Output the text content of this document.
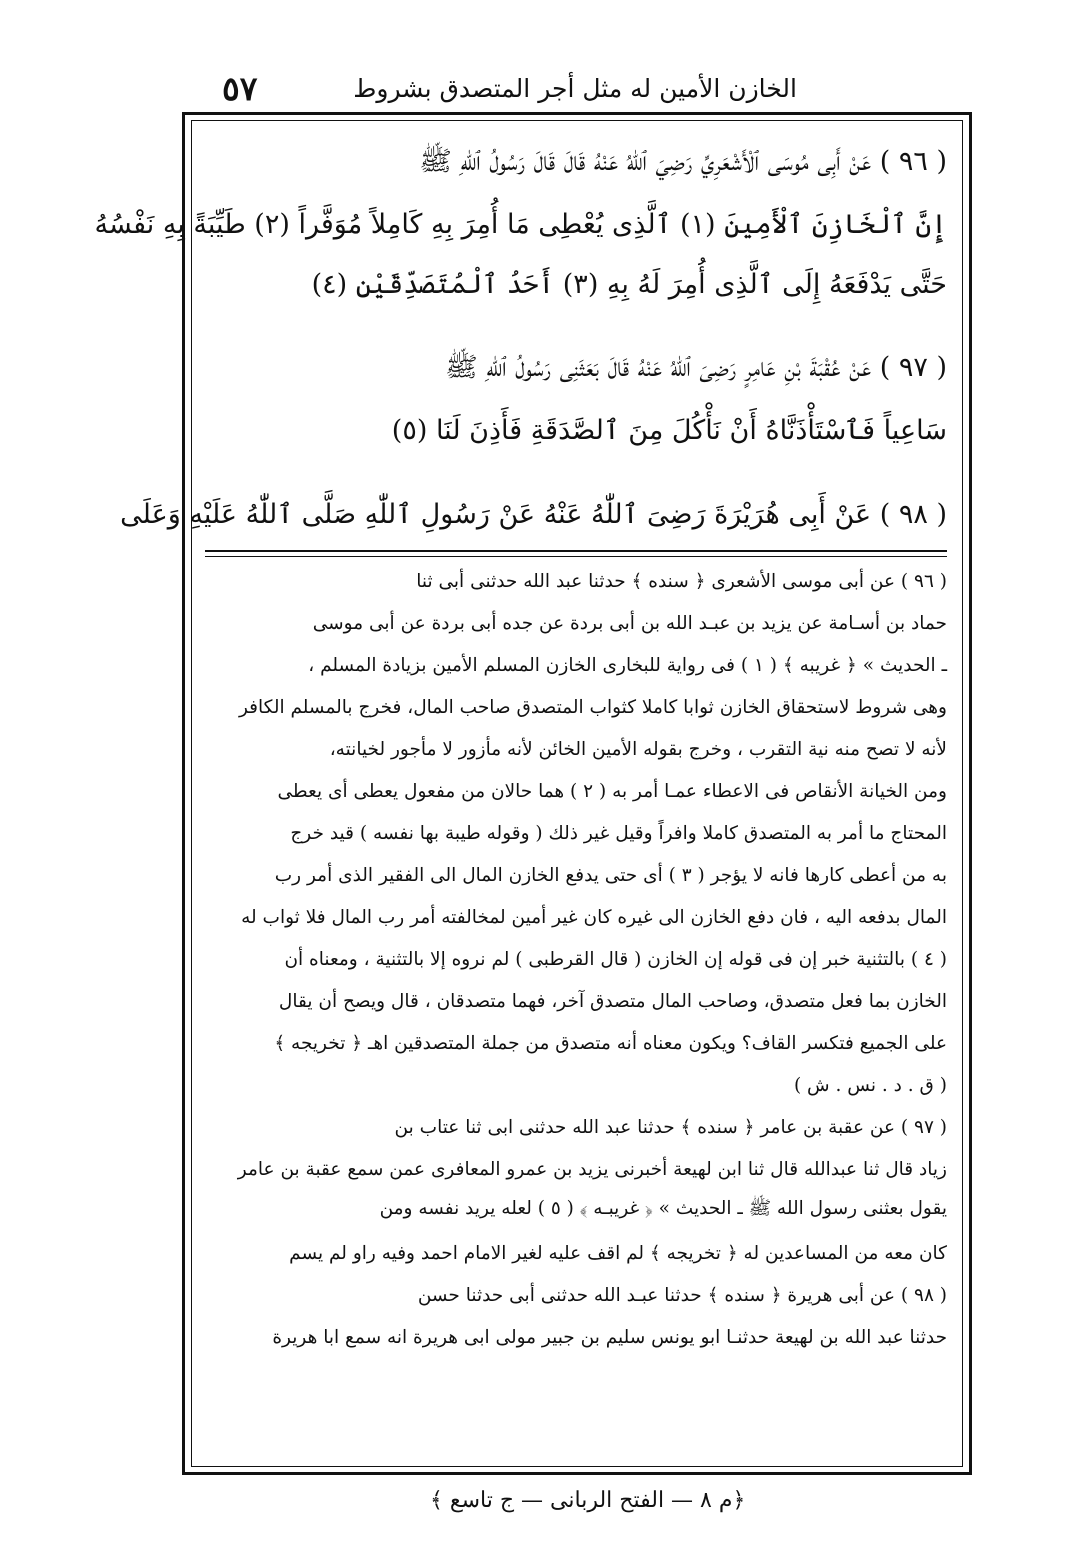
الخازن الأمين له مثل أجر المتصدق بشروط
٥٧
( ٩٦ ) عَنْ أَبِى مُوسَى ٱلْأَشْعَرِيِّ رَضِيَ ٱللّٰهُ عَنْهُ قَالَ قَالَ رَسُولُ ٱللّٰهِ ﷺ
إِنَّ ٱلْخَازِنَ ٱلْأَمِينَ (١) ٱلَّذِى يُعْطِى مَا أُمِرَ بِهِ كَامِلاً مُوَفَّراً (٢) طَيِّبَةً بِهِ نَفْسُهُ
حَتَّى يَدْفَعَهُ إِلَى ٱلَّذِى أُمِرَ لَهُ بِهِ (٣) أَحَدُ ٱلْمُتَصَدِّقَيْنِ (٤)
( ٩٧ ) عَنْ عُقْبَةَ بْنِ عَامِرٍ رَضِىَ ٱللّٰهُ عَنْهُ قَالَ بَعَثَنِى رَسُولُ ٱللّٰهِ ﷺ
سَاعِياً فَٱسْتَأْذَنَّاهُ أَنْ نَأْكُلَ مِنَ ٱلصَّدَقَةِ فَأَذِنَ لَنَا (٥)
( ٩٨ ) عَنْ أَبِى هُرَيْرَةَ رَضِىَ ٱللّٰهُ عَنْهُ عَنْ رَسُولِ ٱللّٰهِ صَلَّى ٱللّٰهُ عَلَيْهِ وَعَلَى
( ٩٦ ) عن أبى موسى الأشعرى ﴿ سنده ﴾ حدثنا عبد الله حدثنى أبى ثنا
حماد بن أسـامة عن يزيد بن عبـد الله بن أبى بردة عن جده أبى بردة عن أبى موسى
ـ الحديث » ﴿ غريبه ﴾ ( ١ ) فى رواية للبخارى الخازن المسلم الأمين بزيادة المسلم ،
وهى شروط لاستحقاق الخازن ثوابا كاملا كثواب المتصدق صاحب المال، فخرج بالمسلم الكافر
لأنه لا تصح منه نية التقرب ، وخرج بقوله الأمين الخائن لأنه مأزور لا مأجور لخيانته،
ومن الخيانة الأنقاص فى الاعطاء عمـا أمر به ( ٢ ) هما حالان من مفعول يعطى أى يعطى
المحتاج ما أمر به المتصدق كاملا وافراً وقيل غير ذلك ( وقوله طيبة بها نفسه ) قيد خرج
به من أعطى كارها فانه لا يؤجر ( ٣ ) أى حتى يدفع الخازن المال الى الفقير الذى أمر رب
المال بدفعه اليه ، فان دفع الخازن الى غيره كان غير أمين لمخالفته أمر رب المال فلا ثواب له
( ٤ ) بالتثنية خبر إن فى قوله إن الخازن ( قال القرطبى ) لم نروه إلا بالتثنية ، ومعناه أن
الخازن بما فعل متصدق، وصاحب المال متصدق آخر، فهما متصدقان ، قال ويصح أن يقال
على الجميع فتكسر القاف؟ ويكون معناه أنه متصدق من جملة المتصدقين اهـ ﴿ تخريجه ﴾
( ق . د . نس . ش )
( ٩٧ ) عن عقبة بن عامر ﴿ سنده ﴾ حدثنا عبد الله حدثنى ابى ثنا عتاب بن
زياد قال ثنا عبدالله قال ثنا ابن لهيعة أخبرنى يزيد بن عمرو المعافرى عمن سمع عقبة بن عامر
يقول بعثنى رسول الله ﷺ ـ الحديث » ﴿ غريبـه ﴾ ( ٥ ) لعله يريد نفسه ومن
كان معه من المساعدين له ﴿ تخريجه ﴾ لم اقف عليه لغير الامام احمد وفيه راو لم يسم
( ٩٨ ) عن أبى هريرة ﴿ سنده ﴾ حدثنا عبـد الله حدثنى أبى حدثنا حسن
حدثنا عبد الله بن لهيعة حدثنـا ابو يونس سليم بن جبير مولى ابى هريرة انه سمع ابا هريرة
﴿م ٨ — الفتح الربانى — ج تاسع ﴾
